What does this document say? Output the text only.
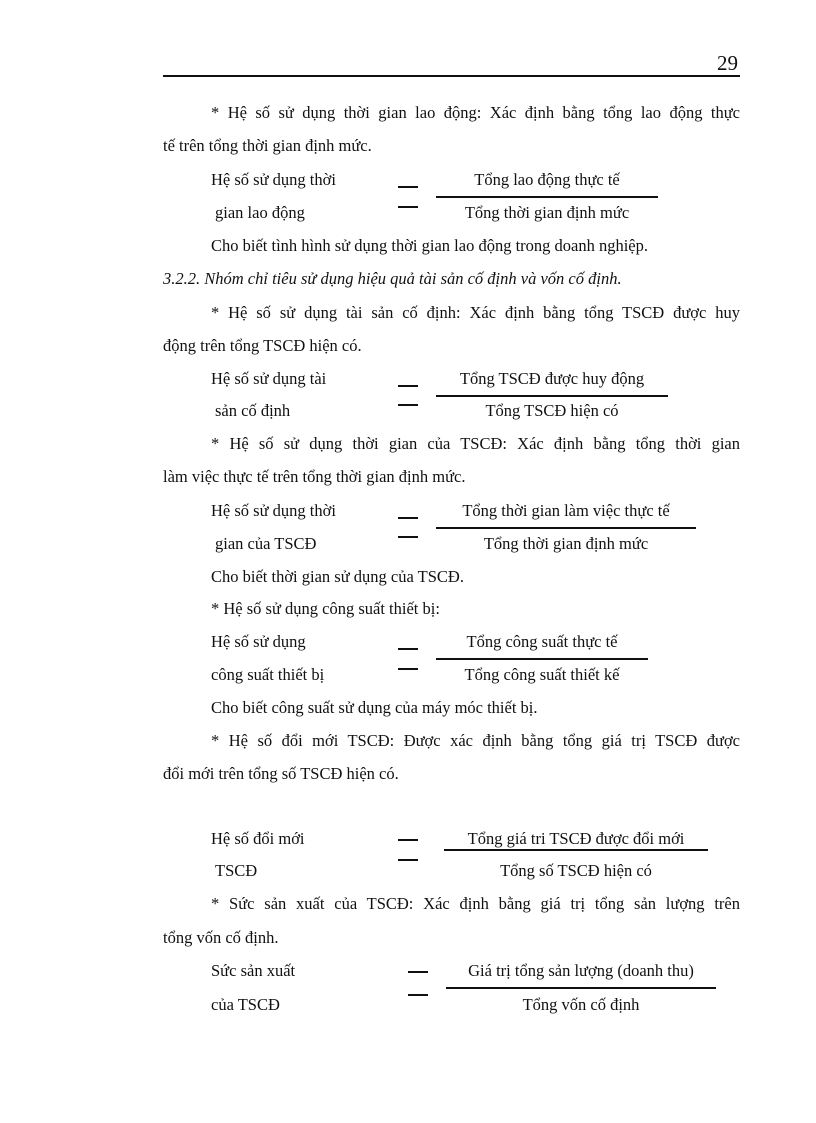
29
* Hệ số sử dụng thời gian lao động: Xác định bằng tổng lao động thực
tế trên tổng thời gian định mức.
Hệ số sử dụng thời
gian lao động
Tổng lao động thực tế
Tổng thời gian định mức
Cho biết tình hình sử dụng thời gian lao động trong doanh nghiệp.
3.2.2. Nhóm chỉ tiêu sử dụng hiệu quả tài sản cố định và vốn cố định.
* Hệ số sử dụng tài sản cố định: Xác định bằng tổng TSCĐ được huy
động trên tổng TSCĐ hiện có.
Hệ số sử dụng tài
sản cố định
Tổng TSCĐ được huy động
Tổng TSCĐ hiện có
* Hệ số sử dụng thời gian của TSCĐ: Xác định bằng tổng thời gian
làm việc thực tế trên tổng thời gian định mức.
Hệ số sử dụng thời
gian của TSCĐ
Tổng thời gian làm việc thực tế
Tổng thời gian định mức
Cho biết thời gian sử dụng của TSCĐ.
* Hệ số sử dụng công suất thiết bị:
Hệ số sử dụng
công suất thiết bị
Tổng công suất thực tế
Tổng công suất thiết kế
Cho biết công suất sử dụng của máy móc thiết bị.
* Hệ số đổi mới TSCĐ: Được xác định bằng tổng giá trị TSCĐ được
đổi mới trên tổng số TSCĐ hiện có.
Hệ số đổi mới
TSCĐ
Tổng giá tri TSCĐ được đổi mới
Tổng số TSCĐ hiện có
* Sức sản xuất của TSCĐ: Xác định bằng giá trị tổng sản lượng trên
tổng vốn cố định.
Sức sản xuất
của TSCĐ
Giá trị tổng sản lượng (doanh thu)
Tổng vốn cố định
